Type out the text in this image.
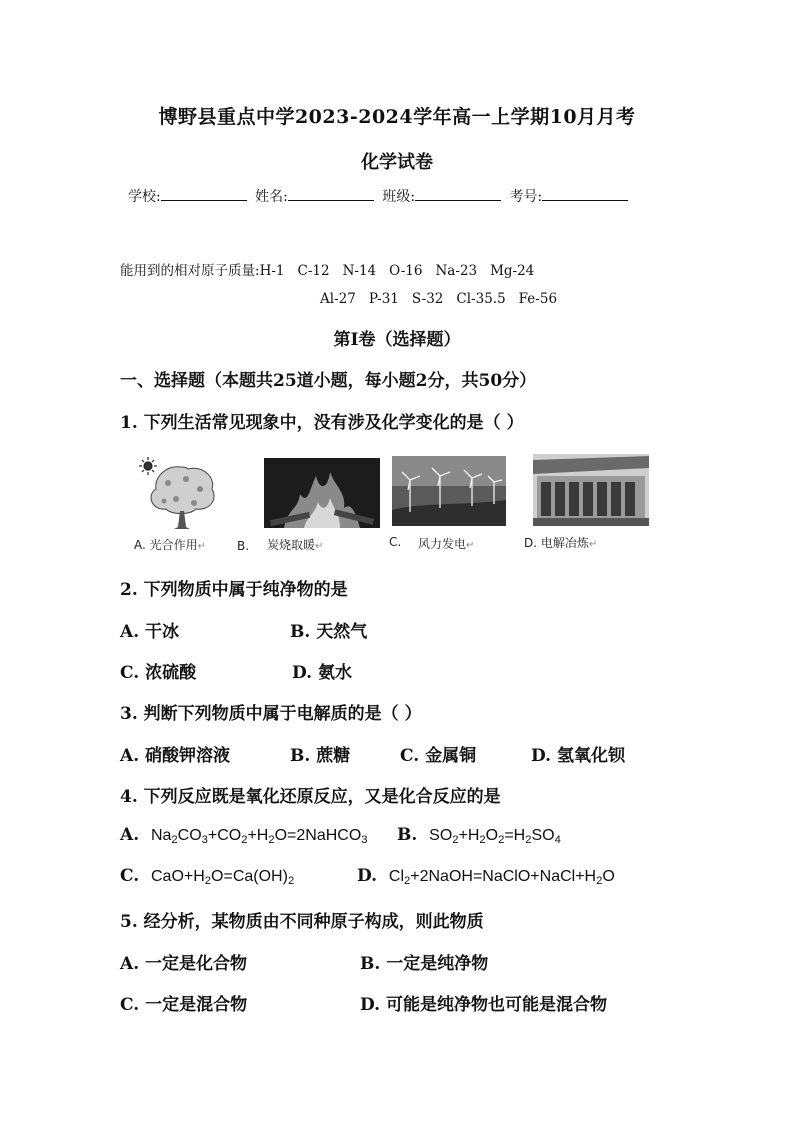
博野县重点中学2023-2024学年高一上学期10月月考
化学试卷
学校:	姓名:	班级:	考号:
能用到的相对原子质量:H-1 C-12 N-14 O-16 Na-23 Mg-24
Al-27 P-31 S-32 Cl-35.5 Fe-56
第Ⅰ卷（选择题）
一、选择题（本题共25道小题，每小题2分，共50分）
1. 下列生活常见现象中，没有涉及化学变化的是（ ）
A. 光合作用↵	B. 炭烧取暖↵	C. 风力发电↵	D. 电解冶炼↵
2. 下列物质中属于纯净物的是
A. 干冰	B. 天然气
C. 浓硫酸	D. 氨水
3. 判断下列物质中属于电解质的是（ ）
A. 硝酸钾溶液	B. 蔗糖	C. 金属铜	D. 氢氧化钡
4. 下列反应既是氧化还原反应，又是化合反应的是
A. $Na_2CO_3+CO_2+H_2O=2NaHCO_3$ B. $SO_2+H_2O_2=H_2SO_4$
C. $CaO+H_2O=Ca(OH)_2$	D. $Cl_2+2NaOH=NaClO+NaCl+H_2O$
5. 经分析，某物质由不同种原子构成，则此物质
A. 一定是化合物	B. 一定是纯净物
C. 一定是混合物	D. 可能是纯净物也可能是混合物
